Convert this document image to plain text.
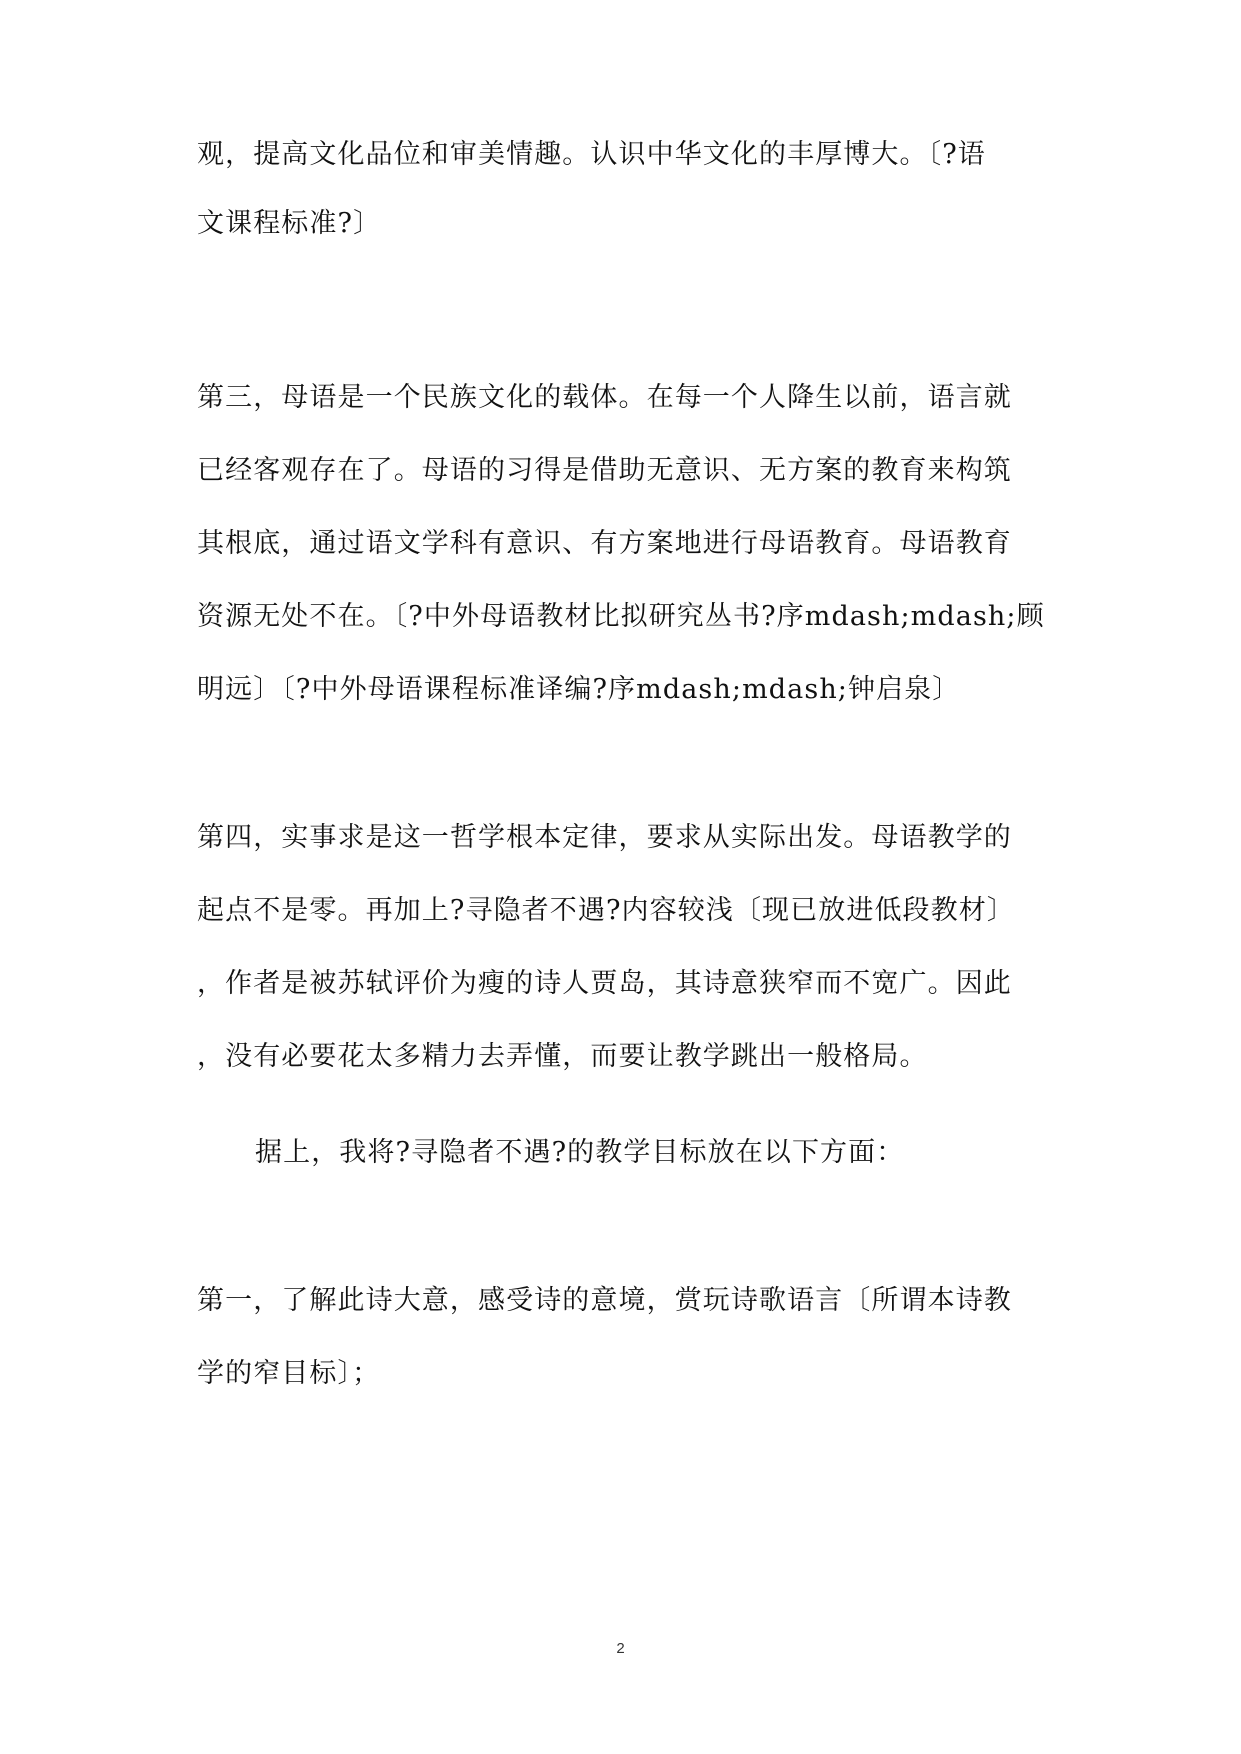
观，提高文化品位和审美情趣。认识中华文化的丰厚博大。〔?语
文课程标准?〕
第三，母语是一个民族文化的载体。在每一个人降生以前，语言就
已经客观存在了。母语的习得是借助无意识、无方案的教育来构筑
其根底，通过语文学科有意识、有方案地进行母语教育。母语教育
资源无处不在。〔?中外母语教材比拟研究丛书?序mdash;mdash;顾
明远〕〔?中外母语课程标准译编?序mdash;mdash;钟启泉〕
第四，实事求是这一哲学根本定律，要求从实际出发。母语教学的
起点不是零。再加上?寻隐者不遇?内容较浅〔现已放进低段教材〕
，作者是被苏轼评价为瘦的诗人贾岛，其诗意狭窄而不宽广。因此
，没有必要花太多精力去弄懂，而要让教学跳出一般格局。
据上，我将?寻隐者不遇?的教学目标放在以下方面：
第一，了解此诗大意，感受诗的意境，赏玩诗歌语言〔所谓本诗教
学的窄目标〕；
2
